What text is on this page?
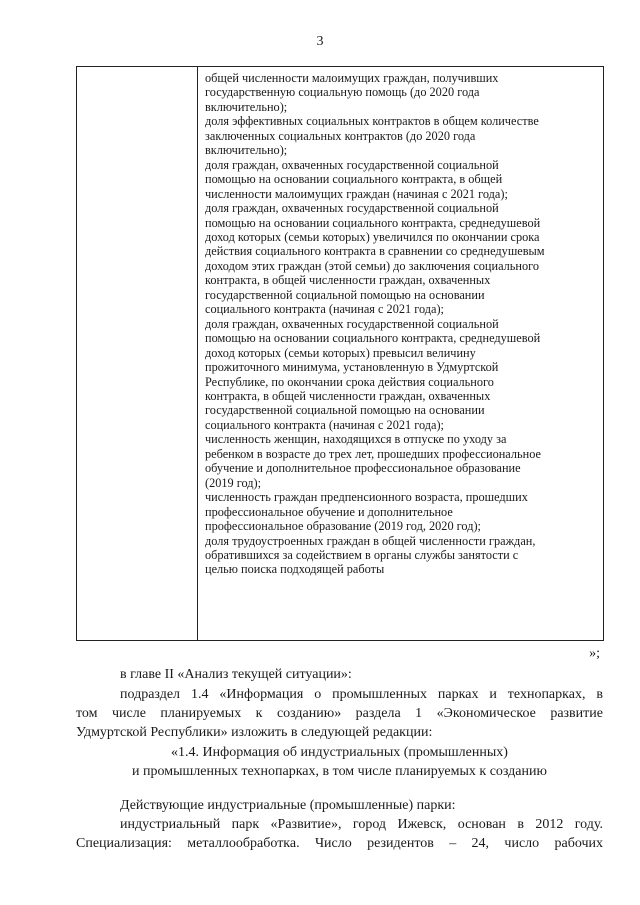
3
общей численности малоимущих граждан, получивших
государственную социальную помощь (до 2020 года
включительно);
доля эффективных социальных контрактов в общем количестве
заключенных социальных контрактов (до 2020 года
включительно);
доля граждан, охваченных государственной социальной
помощью на основании социального контракта, в общей
численности малоимущих граждан (начиная с 2021 года);
доля граждан, охваченных государственной социальной
помощью на основании социального контракта, среднедушевой
доход которых (семьи которых) увеличился по окончании срока
действия социального контракта в сравнении со среднедушевым
доходом этих граждан (этой семьи) до заключения социального
контракта, в общей численности граждан, охваченных
государственной социальной помощью на основании
социального контракта (начиная с 2021 года);
доля граждан, охваченных государственной социальной
помощью на основании социального контракта, среднедушевой
доход которых (семьи которых) превысил величину
прожиточного минимума, установленную в Удмуртской
Республике, по окончании срока действия социального
контракта, в общей численности граждан, охваченных
государственной социальной помощью на основании
социального контракта (начиная с 2021 года);
численность женщин, находящихся в отпуске по уходу за
ребенком в возрасте до трех лет, прошедших профессиональное
обучение и дополнительное профессиональное образование
(2019 год);
численность граждан предпенсионного возраста, прошедших
профессиональное обучение и дополнительное
профессиональное образование (2019 год, 2020 год);
доля трудоустроенных граждан в общей численности граждан,
обратившихся за содействием в органы службы занятости с
целью поиска подходящей работы
»;
в главе II «Анализ текущей ситуации»:
подраздел 1.4 «Информация о промышленных парках и технопарках, в
том числе планируемых к созданию» раздела 1 «Экономическое развитие
Удмуртской Республики» изложить в следующей редакции:
«1.4. Информация об индустриальных (промышленных)
и промышленных технопарках, в том числе планируемых к созданию
Действующие индустриальные (промышленные) парки:
индустриальный парк «Развитие», город Ижевск, основан в 2012 году.
Специализация: металлообработка. Число резидентов – 24, число рабочих
